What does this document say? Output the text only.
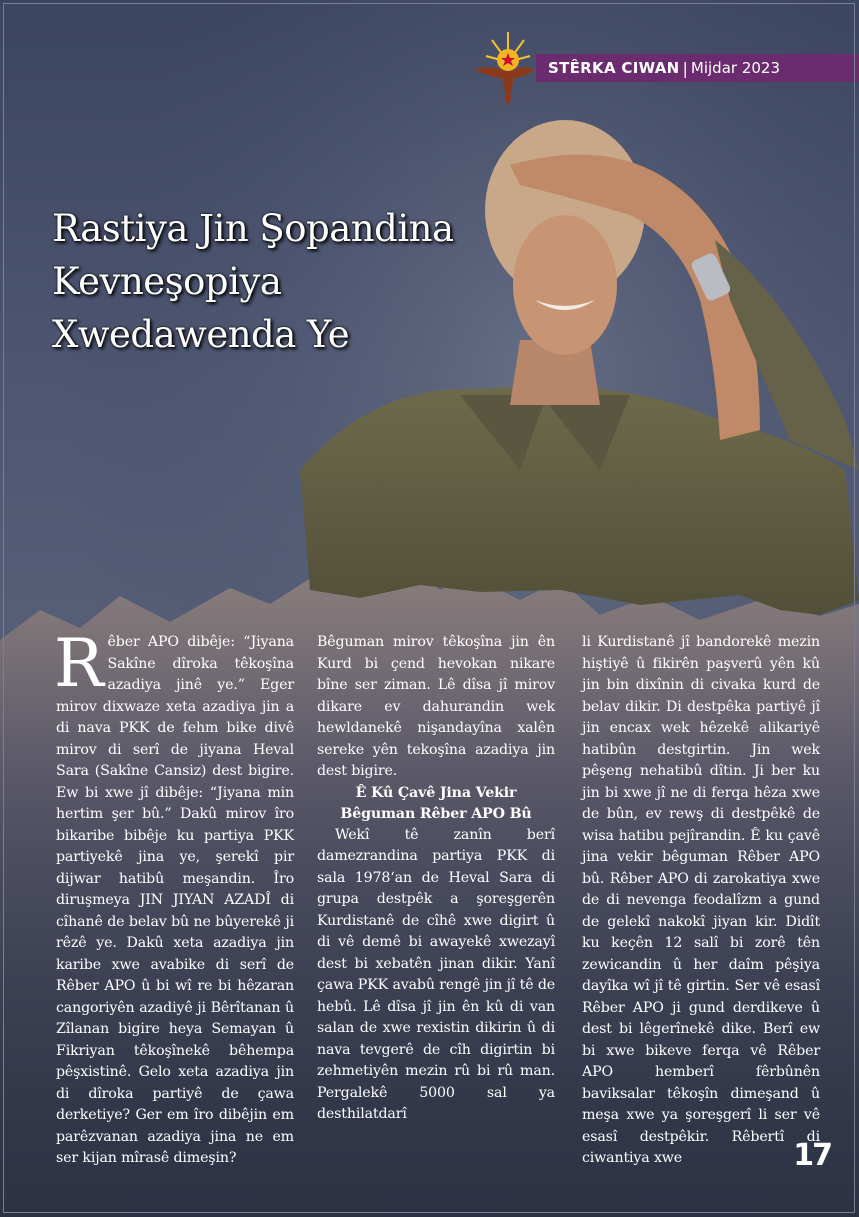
STÊRKA CIWAN | Mijdar 2023
Rastiya Jin Şopandina
Kevneşopiya
Xwedawenda Ye

Rêber APO dibêje: “Jiyana Sakîne dîroka têkoşîna azadiya jinê ye.” Eger mirov dixwaze xeta azadiya jin a di nava PKK de fehm bike divê mirov di serî de jiyana Heval Sara (Sakîne Cansiz) dest bigire. Ew bi xwe jî dibêje: “Jiyana min hertim şer bû.” Dakû mirov îro bikaribe bibêje ku partiya PKK partiyekê jina ye, şerekî pir dijwar hatibû meşandin. Îro diruşmeya JIN JIYAN AZADÎ di cîhanê de belav bû ne bûyerekê ji rêzê ye. Dakû xeta azadiya jin karibe xwe avabike di serî de Rêber APO û bi wî re bi hêzaran cangoriyên azadiyê ji Bêrîtanan û Zîlanan bigire heya Semayan û Fikriyan têkoşînekê bêhempa pêşxistinê. Gelo xeta azadiya jin di dîroka partiyê de çawa derketiye? Ger em îro dibêjin em parêzvanan azadiya jina ne em ser kijan mîrasê dimeşin?

Bêguman mirov têkoşîna jin ên Kurd bi çend hevokan nikare bîne ser ziman. Lê dîsa jî mirov dikare ev dahurandin wek hewldanekê nişandayîna xalên sereke yên tekoşîna azadiya jin dest bigire.

Ê Kû Çavê Jina Vekir
Bêguman Rêber APO Bû

Wekî tê zanîn berî damezrandina partiya PKK di sala 1978‘an de Heval Sara di grupa destpêk a şoreşgerên Kurdistanê de cîhê xwe digirt û di vê demê bi awayekê xwezayî dest bi xebatên jinan dikir. Yanî çawa PKK avabû rengê jin jî tê de hebû. Lê dîsa jî jin ên kû di van salan de xwe rexistin dikirin û di nava tevgerê de cîh digirtin bi zehmetiyên mezin rû bi rû man. Pergalekê 5000 sal ya desthilatdarî

li Kurdistanê jî bandorekê mezin hiştiyê û fikirên paşverû yên kû jin bin dixînin di civaka kurd de belav dikir. Di destpêka partiyê jî jin encax wek hêzekê alikariyê hatibûn destgirtin. Jin wek pêşeng nehatibû dîtin. Ji ber ku jin bi xwe jî ne di ferqa hêza xwe de bûn, ev rewş di destpêkê de wisa hatibu pejîrandin. Ê ku çavê jina vekir bêguman Rêber APO bû. Rêber APO di zarokatiya xwe de di nevenga feodalîzm a gund de gelekî nakokî jiyan kir. Didît ku keçên 12 salî bi zorê tên zewicandin û her daîm pêşiya dayîka wî jî tê girtin. Ser vê esasî Rêber APO ji gund derdikeve û dest bi lêgerînekê dike. Berî ew bi xwe bikeve ferqa vê Rêber APO hemberî fêrbûnên baviksalar têkoşîn dimeşand û meşa xwe ya şoreşgerî li ser vê esasî destpêkir. Rêbertî di ciwantiya xwe	17
